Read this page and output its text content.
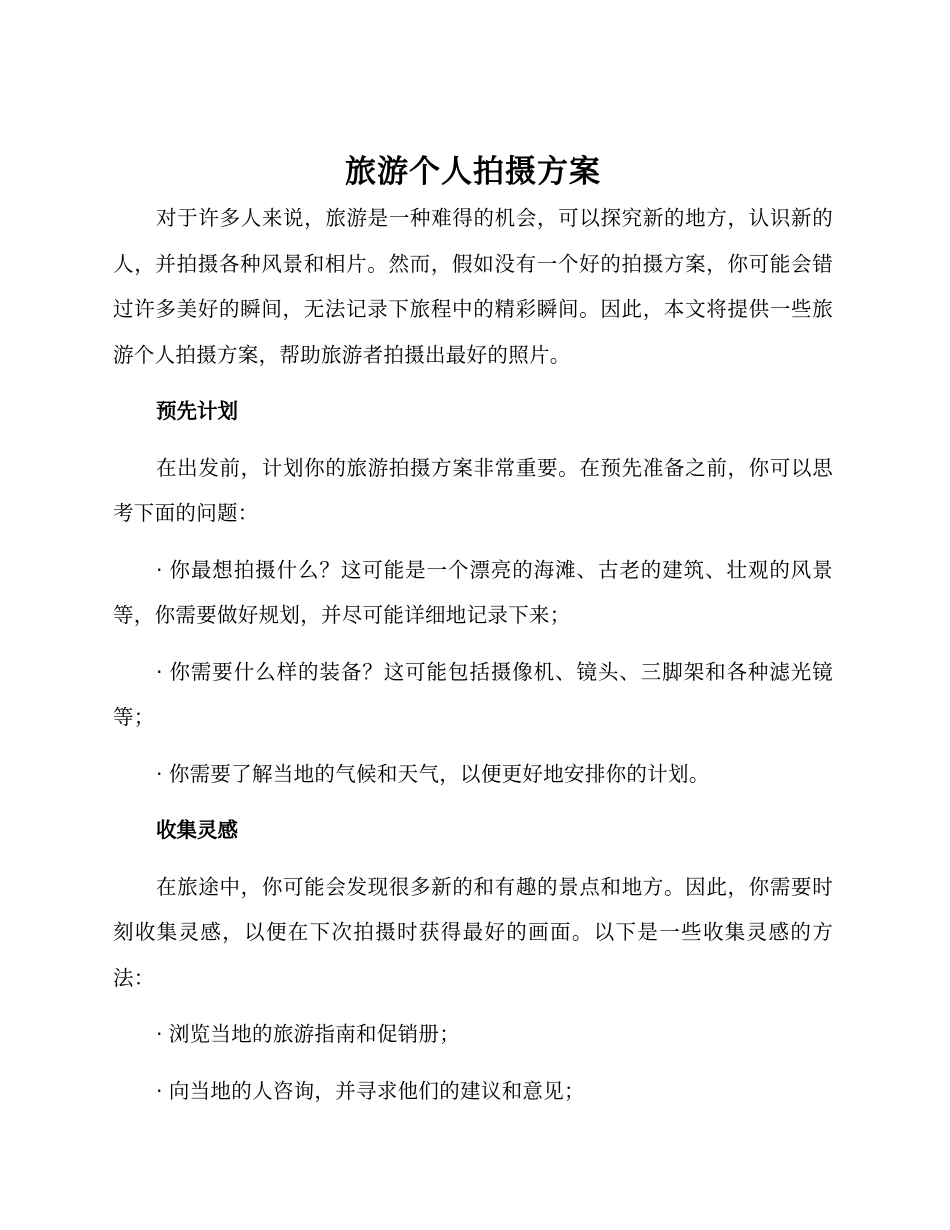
旅游个人拍摄方案

对于许多人来说，旅游是一种难得的机会，可以探究新的地方，认识新的人，并拍摄各种风景和相片。然而，假如没有一个好的拍摄方案，你可能会错过许多美好的瞬间，无法记录下旅程中的精彩瞬间。因此，本文将提供一些旅游个人拍摄方案，帮助旅游者拍摄出最好的照片。

预先计划

在出发前，计划你的旅游拍摄方案非常重要。在预先准备之前，你可以思考下面的问题：

· 你最想拍摄什么？这可能是一个漂亮的海滩、古老的建筑、壮观的风景等，你需要做好规划，并尽可能详细地记录下来；

· 你需要什么样的装备？这可能包括摄像机、镜头、三脚架和各种滤光镜等；

· 你需要了解当地的气候和天气，以便更好地安排你的计划。

收集灵感

在旅途中，你可能会发现很多新的和有趣的景点和地方。因此，你需要时刻收集灵感，以便在下次拍摄时获得最好的画面。以下是一些收集灵感的方法：

· 浏览当地的旅游指南和促销册；

· 向当地的人咨询，并寻求他们的建议和意见；
